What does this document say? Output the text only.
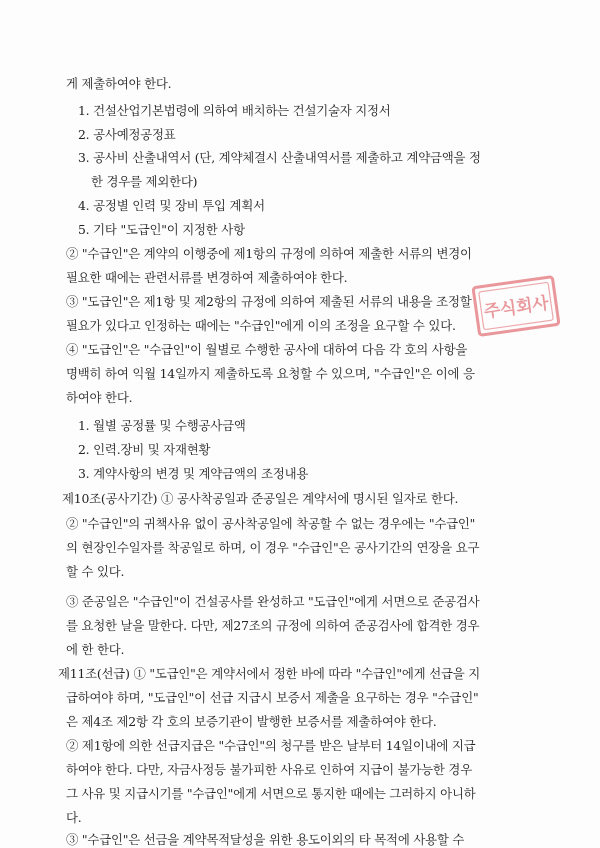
게 제출하여야 한다.
1. 건설산업기본법령에 의하여 배치하는 건설기술자 지정서
2. 공사예정공정표
3. 공사비 산출내역서 (단, 계약체결시 산출내역서를 제출하고 계약금액을 정
한 경우를 제외한다)
4. 공정별 인력 및 장비 투입 계획서
5. 기타 "도급인"이 지정한 사항
② "수급인"은 계약의 이행중에 제1항의 규정에 의하여 제출한 서류의 변경이
필요한 때에는 관련서류를 변경하여 제출하여야 한다.
③ "도급인"은 제1항 및 제2항의 규정에 의하여 제출된 서류의 내용을 조정할
필요가 있다고 인정하는 때에는 "수급인"에게 이의 조정을 요구할 수 있다.
④ "도급인"은 "수급인"이 월별로 수행한 공사에 대하여 다음 각 호의 사항을
명백히 하여 익월 14일까지 제출하도록 요청할 수 있으며, "수급인"은 이에 응
하여야 한다.
1. 월별 공정률 및 수행공사금액
2. 인력.장비 및 자재현황
3. 계약사항의 변경 및 계약금액의 조정내용
제10조(공사기간) ① 공사착공일과 준공일은 계약서에 명시된 일자로 한다.
② "수급인"의 귀책사유 없이 공사착공일에 착공할 수 없는 경우에는 "수급인"
의 현장인수일자를 착공일로 하며, 이 경우 "수급인"은 공사기간의 연장을 요구
할 수 있다.
③ 준공일은 "수급인"이 건설공사를 완성하고 "도급인"에게 서면으로 준공검사
를 요청한 날을 말한다. 다만, 제27조의 규정에 의하여 준공검사에 합격한 경우
에 한 한다.
제11조(선급) ① "도급인"은 계약서에서 정한 바에 따라 "수급인"에게 선급을 지
급하여야 하며, "도급인"이 선급 지급시 보증서 제출을 요구하는 경우 "수급인"
은 제4조 제2항 각 호의 보증기관이 발행한 보증서를 제출하여야 한다.
② 제1항에 의한 선급지급은 "수급인"의 청구를 받은 날부터 14일이내에 지급
하여야 한다. 다만, 자금사정등 불가피한 사유로 인하여 지급이 불가능한 경우
그 사유 및 지급시기를 "수급인"에게 서면으로 통지한 때에는 그러하지 아니하
다.
③ "수급인"은 선금을 계약목적달성을 위한 용도이외의 타 목적에 사용할 수
주식회사
